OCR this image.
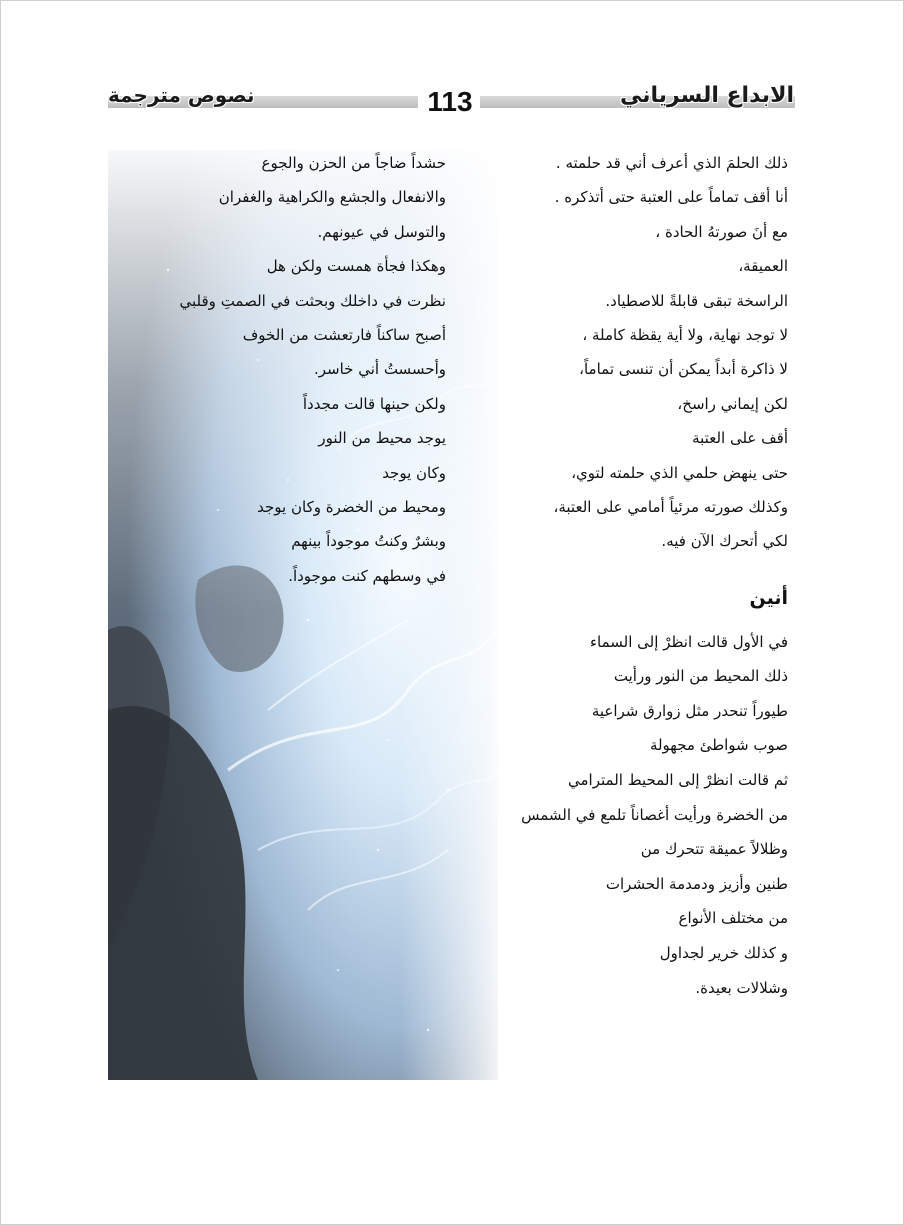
نصوص مترجمة	113	الابداع السرياني
ذلك الحلمَ الذي أعرف أني قد حلمته .
أنا أقف تماماً على العتبة حتى أتذكره .
مع أنَ صورتهُ الحادة ،
العميقة،
الراسخة تبقى قابلةً للاصطياد.
لا توجد نهاية، ولا أية يقظة كاملة ،
لا ذاكرة أبداً يمكن أن تنسى تماماً،
لكن إيماني راسخ،
أقف على العتبة
حتى ينهض حلمي الذي حلمته لتوي،
وكذلك صورته مرئياً أمامي على العتبة،
لكي أتحرك الآن فيه.
أنين
في الأول قالت انظرْ إلى السماء
ذلك المحيط من النور ورأيت
طيوراً تنحدر مثل زوارق شراعية
صوب شواطئ مجهولة
ثم قالت انظرْ إلى المحيط المترامي
من الخضرة ورأيت أغصاناً تلمع في الشمس
وظلالاً عميقة تتحرك من
طنين وأزيز ودمدمة الحشرات
من مختلف الأنواع
و كذلك خرير لجداول
وشلالات بعيدة.
حشداً ضاجاً من الحزن والجوع
والانفعال والجشع والكراهية والغفران
والتوسل في عيونهم.
وهكذا فجأة همست ولكن هل
نظرت في داخلك وبحثت في الصمتِ وقلبي
أصبح ساكناً فارتعشت من الخوف
وأحسستُ أني خاسر.
ولكن حينها قالت مجدداً
يوجد محيط من النور
وكان يوجد
ومحيط من الخضرة وكان يوجد
وبشرٌ وكنتُ موجوداً بينهم
في وسطهم كنت موجوداً.
